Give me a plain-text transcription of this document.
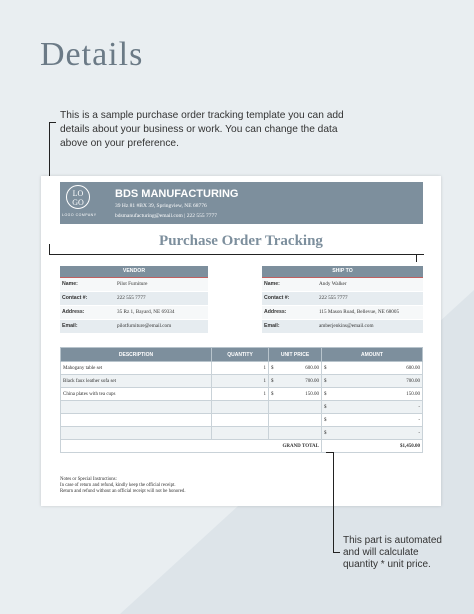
Details
This is a sample purchase order tracking template you can add details about your business or work. You can change the data above on your preference.
LO GO
LOGO COMPANY
BDS MANUFACTURING
39 Hz 81 #BX 39, Springview, NE 68776
bdsmanufacturing@email.com | 222 555 7777
Purchase Order Tracking
VENDOR
Name:	Pilot Furniture
Contact #:	222 555 7777
Address:	35 Rz 1, Bayard, NE 69334
Email:	pilotfurniture@email.com
SHIP TO
Name:	Andy Walker
Contact #:	222 555 7777
Address:	115 Mason Road, Bellevue, NE 68005
Email:	amberjenkins@email.com
DESCRIPTION	QUANTITY	UNIT PRICE	AMOUNT
Mahogany table set	1	$ 600.00	$ 600.00

Black faux leather sofa set	1	$ 700.00	$ 700.00

China plates with tea cups	1	$ 150.00	$ 150.00

			$ -

			$ -

			$ -

GRAND TOTAL			$1,450.00
Notes or Special Instructions:
In case of return and refund, kindly keep the official receipt.
Return and refund without an official receipt will not be honored.
This part is automated and will calculate quantity * unit price.
